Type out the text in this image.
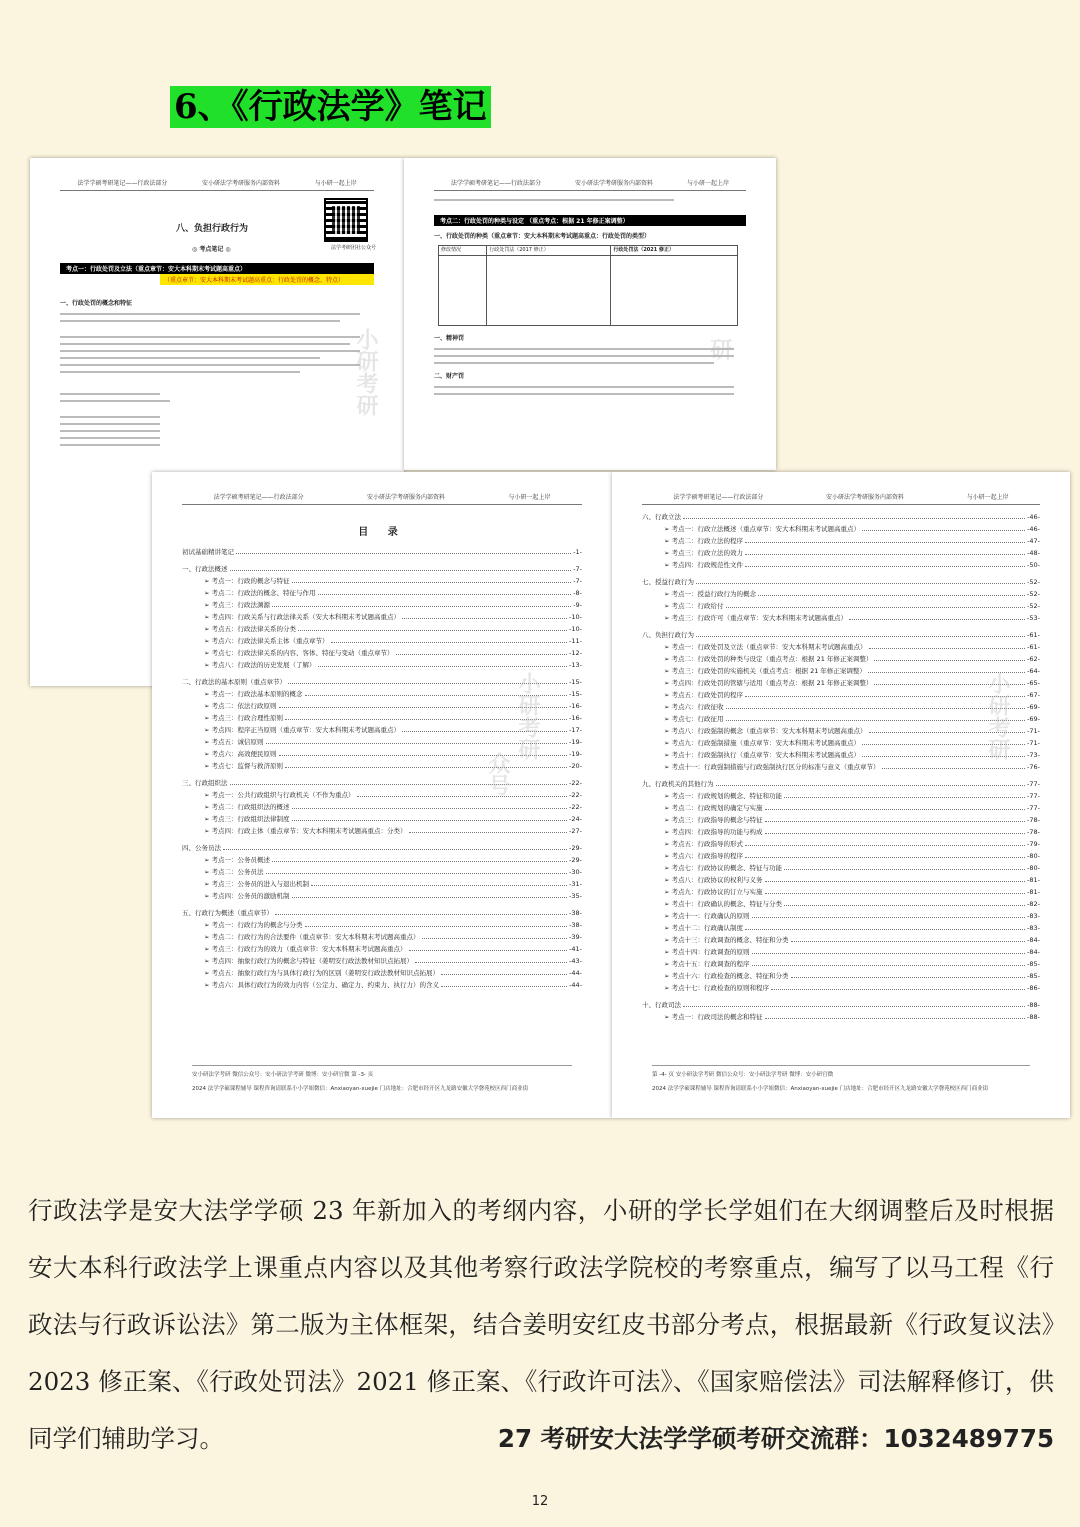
6、《行政法学》笔记
法学学硕考研笔记——行政法部分	安小研法学考研服务内部资料	与小研一起上岸
法学考研团社公众号
八、负担行政行为
◎ 考点笔记 ◎
考点一：行政处罚及立法（重点章节：安大本科期末考试题高重点）
（重点章节：安大本科期末考试题高重点：行政处罚的概念、特点）
一、行政处罚的概念和特征
小研考研
法学学硕考研笔记——行政法部分	安小研法学考研服务内部资料	与小研一起上岸
考点二：行政处罚的种类与设定 （重点考点：根据 21 年修正案调整）
一、行政处罚的种类（重点章节：安大本科期末考试题高重点：行政处罚的类型）
修改情况	行政处罚法（2017 修正）	行政处罚法（2021 修正）

一、精神罚
二、财产罚
研
法学学硕考研笔记——行政法部分	安小研法学考研服务内部资料	与小研一起上岸
目 录
初试基础精讲笔记	-1-
一、行政法概述	-7-
➢ 考点一：行政的概念与特征	-7-
➢ 考点二：行政法的概念、特征与作用	-8-
➢ 考点三：行政法渊源	-9-
➢ 考点四：行政关系与行政法律关系（安大本科期末考试题高重点）	-10-
➢ 考点五：行政法律关系的分类	-10-
➢ 考点六：行政法律关系主体（重点章节）	-11-
➢ 考点七：行政法律关系的内容、客体、特征与变动（重点章节）	-12-
➢ 考点八：行政法的历史发展（了解）	-13-
二、行政法的基本原则（重点章节）	-15-
➢ 考点一：行政法基本原则的概念	-15-
➢ 考点二：依法行政原则	-16-
➢ 考点三：行政合理性原则	-16-
➢ 考点四：程序正当原则（重点章节：安大本科期末考试题高重点）	-17-
➢ 考点五：诚信原则	-19-
➢ 考点六：高效便民原则	-19-
➢ 考点七：监督与救济原则	-20-
三、行政组织法	-22-
➢ 考点一：公共行政组织与行政机关（不作为重点）	-22-
➢ 考点二：行政组织法的概述	-22-
➢ 考点三：行政组织法律制度	-24-
➢ 考点四：行政主体（重点章节：安大本科期末考试题高重点：分类）	-27-
四、公务员法	-29-
➢ 考点一：公务员概述	-29-
➢ 考点二：公务员法	-30-
➢ 考点三：公务员的进入与退出机制	-31-
➢ 考点四：公务员的激励机制	-35-
五、行政行为概述（重点章节）	-38-
➢ 考点一：行政行为的概念与分类	-38-
➢ 考点二：行政行为的合法要件（重点章节：安大本科期末考试题高重点）	-39-
➢ 考点三：行政行为的效力（重点章节：安大本科期末考试题高重点）	-41-
➢ 考点四：抽象行政行为的概念与特征（姜明安行政法教材知识点拓展）	-43-
➢ 考点五：抽象行政行为与具体行政行为的区别（姜明安行政法教材知识点拓展）	-44-
➢ 考点六：具体行政行为的效力内容（公定力、确定力、约束力、执行力）的含义	-44-
安小研法学考研 微信公众号：安小研法学考研 微博：安小研官微 第 -3- 页
2024 法学学硕课程辅导 课程咨询请联系小小学姐微信：Anxiaoyan-xuejie 门店地址：合肥市经开区九龙路安徽大学磬苑校区西门商业街
小研考研
众号
法学学硕考研笔记——行政法部分	安小研法学考研服务内部资料	与小研一起上岸
六、行政立法	-46-
➢ 考点一：行政立法概述（重点章节：安大本科期末考试题高重点）	-46-
➢ 考点二：行政立法的程序	-47-
➢ 考点三：行政立法的效力	-48-
➢ 考点四：行政规范性文件	-50-
七、授益行政行为	-52-
➢ 考点一：授益行政行为的概念	-52-
➢ 考点二：行政给付	-52-
➢ 考点三：行政许可（重点章节：安大本科期末考试题高重点）	-53-
八、负担行政行为	-61-
➢ 考点一：行政处罚及立法（重点章节：安大本科期末考试题高重点）	-61-
➢ 考点二：行政处罚的种类与设定（重点考点：根据 21 年修正案调整）	-62-
➢ 考点三：行政处罚的实施机关（重点考点：根据 21 年修正案调整）	-64-
➢ 考点四：行政处罚的管辖与适用（重点考点：根据 21 年修正案调整）	-65-
➢ 考点五：行政处罚的程序	-67-
➢ 考点六：行政征收	-69-
➢ 考点七：行政征用	-69-
➢ 考点八：行政强制的概念（重点章节：安大本科期末考试题高重点）	-71-
➢ 考点九：行政强制措施（重点章节：安大本科期末考试题高重点）	-71-
➢ 考点十：行政强制执行（重点章节：安大本科期末考试题高重点）	-73-
➢ 考点十一：行政强制措施与行政强制执行区分的标准与意义（重点章节）	-76-
九、行政机关的其他行为	-77-
➢ 考点一：行政规划的概念、特征和功能	-77-
➢ 考点二：行政规划的确定与实施	-77-
➢ 考点三：行政指导的概念与特征	-78-
➢ 考点四：行政指导的功能与构成	-78-
➢ 考点五：行政指导的形式	-79-
➢ 考点六：行政指导的程序	-80-
➢ 考点七：行政协议的概念、特征与功能	-80-
➢ 考点八：行政协议的权利与义务	-81-
➢ 考点九：行政协议的订立与实施	-81-
➢ 考点十：行政确认的概念、特征与分类	-82-
➢ 考点十一：行政确认的原则	-83-
➢ 考点十二：行政确认制度	-83-
➢ 考点十三：行政调查的概念、特征和分类	-84-
➢ 考点十四：行政调查的原则	-84-
➢ 考点十五：行政调查的程序	-85-
➢ 考点十六：行政检查的概念、特征和分类	-85-
➢ 考点十七：行政检查的原则和程序	-86-
十、行政司法	-88-
➢ 考点一：行政司法的概念和特征	-88-
第 -4- 页 安小研法学考研 微信公众号：安小研法学考研 微博：安小研官微
2024 法学学硕课程辅导 课程咨询请联系小小学姐微信：Anxiaoyan-xuejie 门店地址：合肥市经开区九龙路安徽大学磬苑校区西门商业街
小研考研
行政法学是安大法学学硕 23 年新加入的考纲内容，小研的学长学姐们在大纲调整后及时根据安大本科行政法学上课重点内容以及其他考察行政法学院校的考察重点，编写了以马工程《行政法与行政诉讼法》第二版为主体框架，结合姜明安红皮书部分考点，根据最新《行政复议法》2023 修正案、《行政处罚法》2021 修正案、《行政许可法》、《国家赔偿法》司法解释修订，供同学们辅助学习。	27 考研安大法学学硕考研交流群：1032489775
12
